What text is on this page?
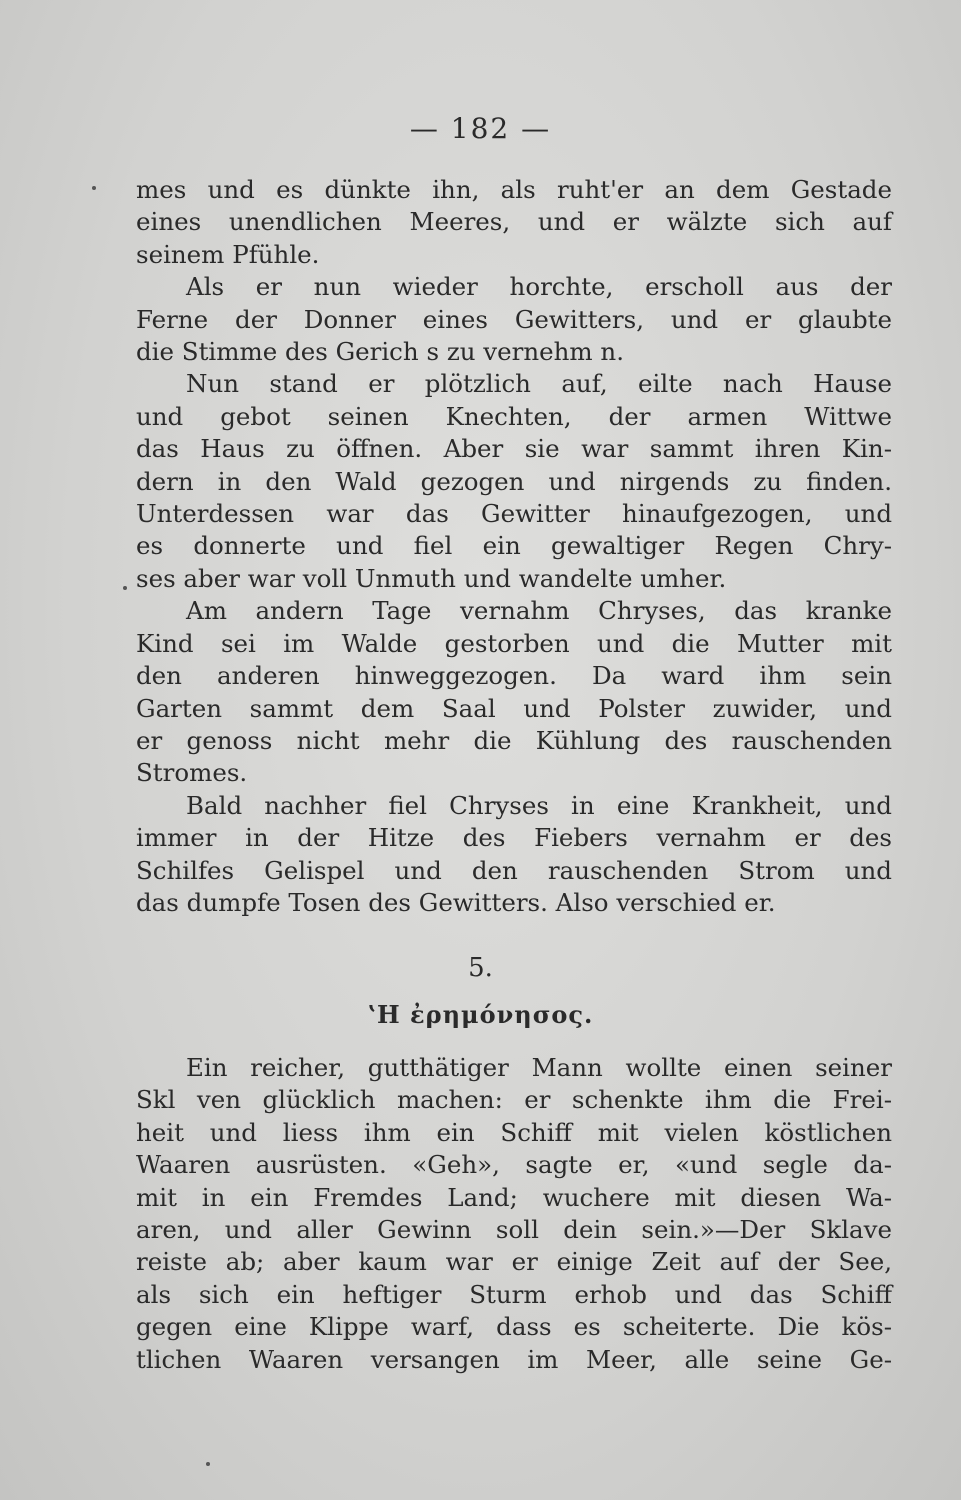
— 182 —
mes und es dünkte ihn, als ruht'er an dem Gestade
eines unendlichen Meeres, und er wälzte sich auf
seinem Pfühle.
Als er nun wieder horchte, erscholl aus der
Ferne der Donner eines Gewitters, und er glaubte
die Stimme des Gerich s zu vernehm n.
Nun stand er plötzlich auf, eilte nach Hause
und gebot seinen Knechten, der armen Wittwe
das Haus zu öffnen. Aber sie war sammt ihren Kin-
dern in den Wald gezogen und nirgends zu finden.
Unterdessen war das Gewitter hinaufgezogen, und
es donnerte und fiel ein gewaltiger Regen Chry-
ses aber war voll Unmuth und wandelte umher.
Am andern Tage vernahm Chryses, das kranke
Kind sei im Walde gestorben und die Mutter mit
den anderen hinweggezogen. Da ward ihm sein
Garten sammt dem Saal und Polster zuwider, und
er genoss nicht mehr die Kühlung des rauschenden
Stromes.
Bald nachher fiel Chryses in eine Krankheit, und
immer in der Hitze des Fiebers vernahm er des
Schilfes Gelispel und den rauschenden Strom und
das dumpfe Tosen des Gewitters. Also verschied er.
5.
ʽΗ ἐρημόνησος.
Ein reicher, gutthätiger Mann wollte einen seiner
Skl ven glücklich machen: er schenkte ihm die Frei-
heit und liess ihm ein Schiff mit vielen köstlichen
Waaren ausrüsten. «Geh», sagte er, «und segle da-
mit in ein Fremdes Land; wuchere mit diesen Wa-
aren, und aller Gewinn soll dein sein.»—Der Sklave
reiste ab; aber kaum war er einige Zeit auf der See,
als sich ein heftiger Sturm erhob und das Schiff
gegen eine Klippe warf, dass es scheiterte. Die kös-
tlichen Waaren versangen im Meer, alle seine Ge-
